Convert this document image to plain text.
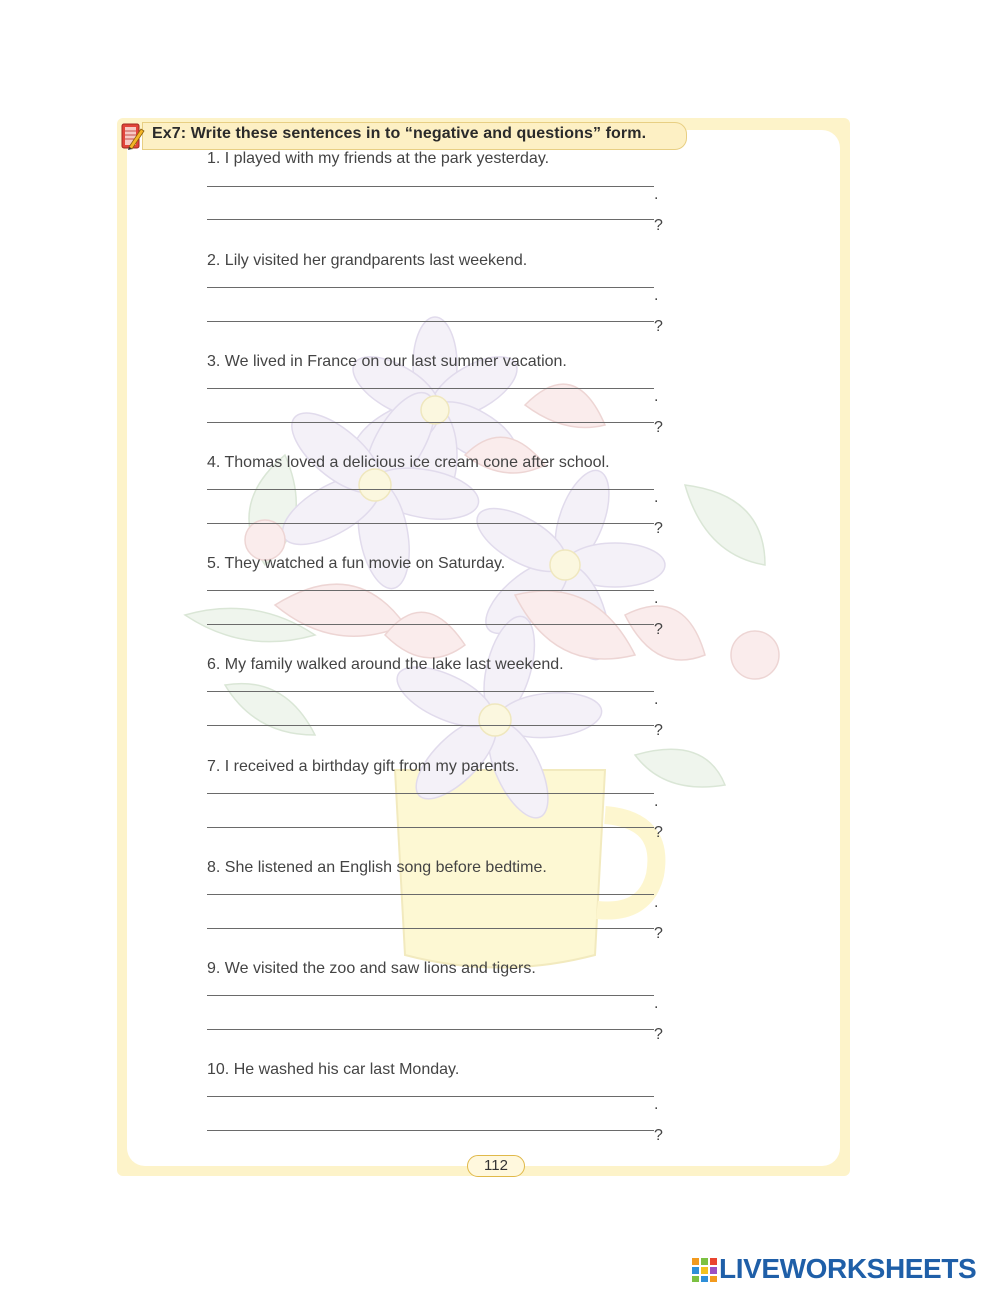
Ex7: Write these sentences in to “negative and questions” form.
1. I played with my friends at the park yesterday.
.
?
2. Lily visited her grandparents last weekend.
.
?
3. We lived in France on our last summer vacation.
.
?
4. Thomas loved a delicious ice cream cone after school.
.
?
5. They watched a fun movie on Saturday.
.
?
6. My family walked around the lake last weekend.
.
?
7. I received a birthday gift from my parents.
.
?
8. She listened an English song before bedtime.
.
?
9. We visited the zoo and saw lions and tigers.
.
?
10. He washed his car last Monday.
.
?
112
LIVEWORKSHEETS
